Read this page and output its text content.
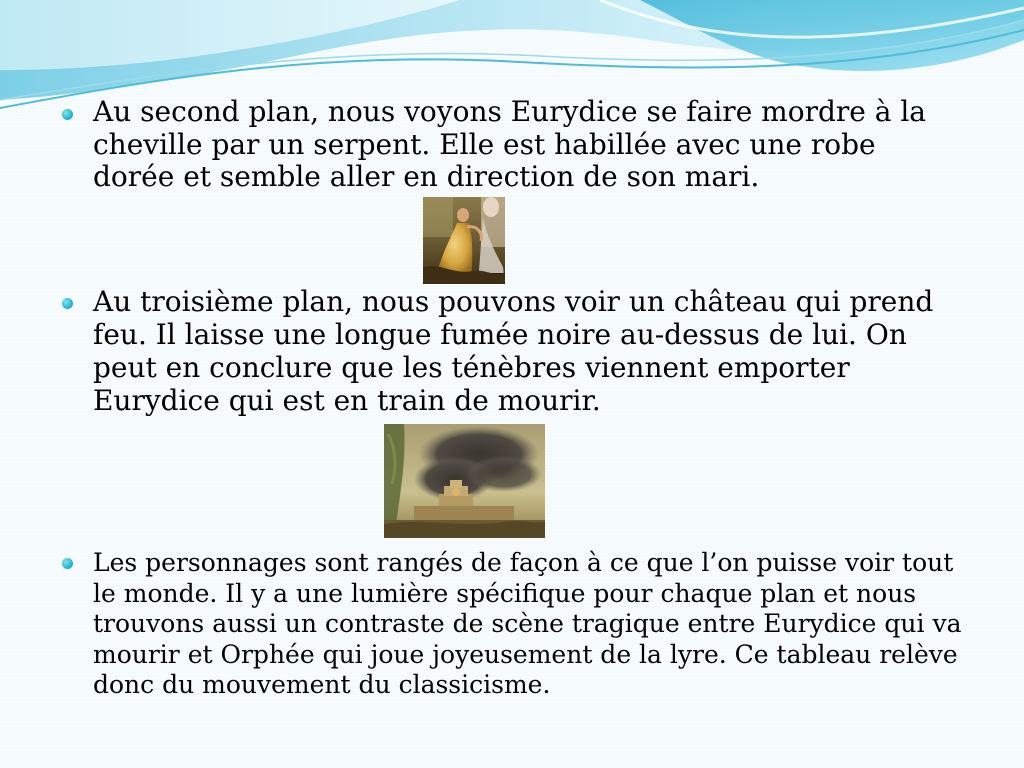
Au second plan, nous voyons Eurydice se faire mordre à la cheville par un serpent. Elle est habillée avec une robe dorée et semble aller en direction de son mari.

Au troisième plan, nous pouvons voir un château qui prend feu. Il laisse une longue fumée noire au-dessus de lui. On peut en conclure que les ténèbres viennent emporter Eurydice qui est en train de mourir.

Les personnages sont rangés de façon à ce que l’on puisse voir tout le monde. Il y a une lumière spécifique pour chaque plan et nous trouvons aussi un contraste de scène tragique entre Eurydice qui va mourir et Orphée qui joue joyeusement de la lyre. Ce tableau relève donc du mouvement du classicisme.
